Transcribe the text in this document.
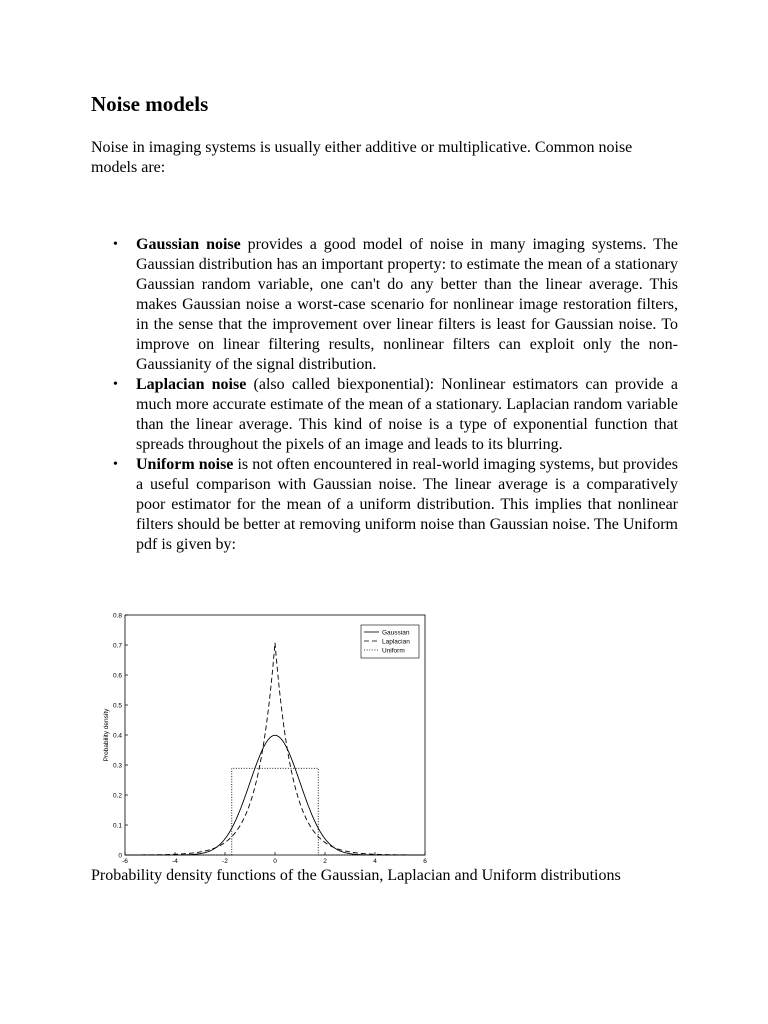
Noise models

Noise in imaging systems is usually either additive or multiplicative. Common noise models are:

• Gaussian noise provides a good model of noise in many imaging systems. The Gaussian distribution has an important property: to estimate the mean of a stationary Gaussian random variable, one can't do any better than the linear average. This makes Gaussian noise a worst-case scenario for nonlinear image restoration filters, in the sense that the improvement over linear filters is least for Gaussian noise. To improve on linear filtering results, nonlinear filters can exploit only the non-Gaussianity of the signal distribution.
• Laplacian noise (also called biexponential): Nonlinear estimators can provide a much more accurate estimate of the mean of a stationary. Laplacian random variable than the linear average. This kind of noise is a type of exponential function that spreads throughout the pixels of an image and leads to its blurring.
• Uniform noise is not often encountered in real-world imaging systems, but provides a useful comparison with Gaussian noise. The linear average is a comparatively poor estimator for the mean of a uniform distribution. This implies that nonlinear filters should be better at removing uniform noise than Gaussian noise. The Uniform pdf is given by:
0
0.1
0.2
0.3
0.4
0.5
0.6
0.7
0.8
-6	-4	-2	0	2	4	6
Probability density
Gaussian
Laplacian
Uniform

Probability density functions of the Gaussian, Laplacian and Uniform distributions
